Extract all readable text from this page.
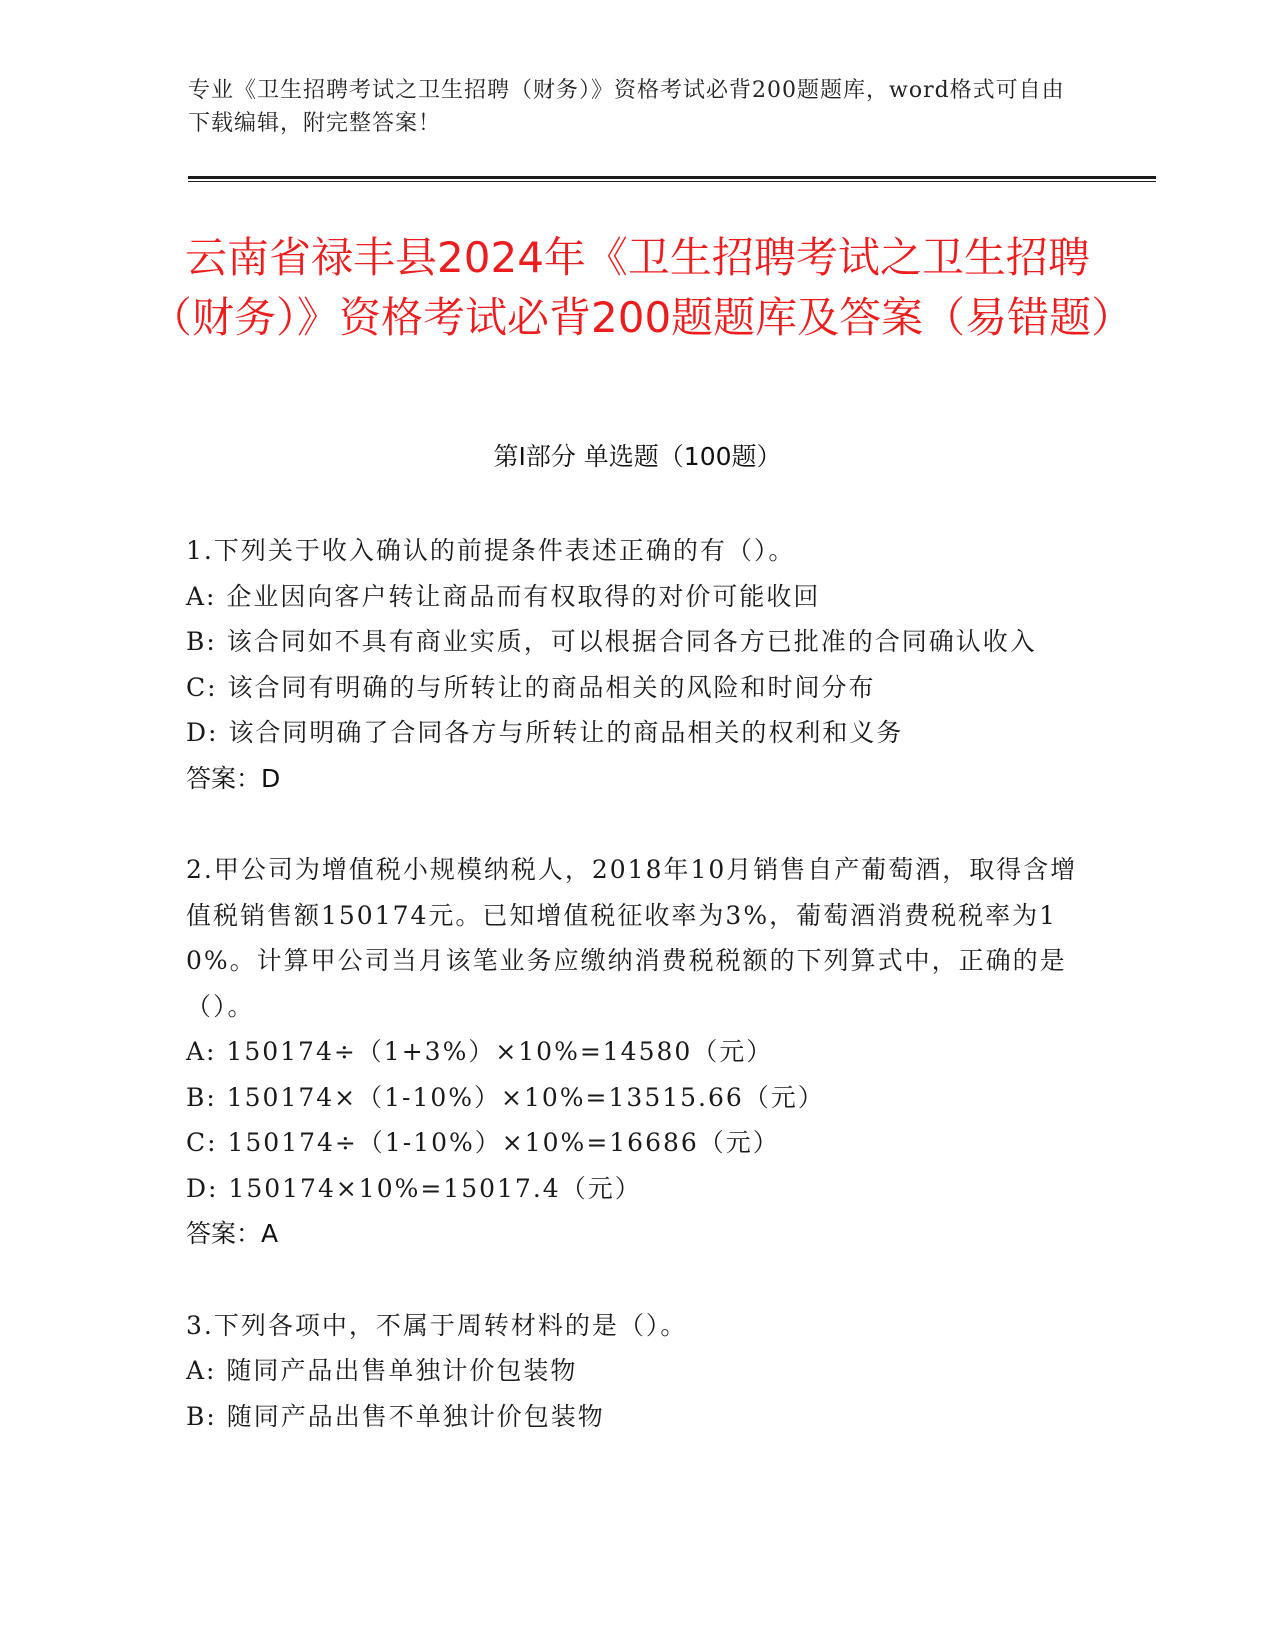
专业《卫生招聘考试之卫生招聘（财务）》资格考试必背200题题库，word格式可自由下载编辑，附完整答案！
云南省禄丰县2024年《卫生招聘考试之卫生招聘（财务）》资格考试必背200题题库及答案（易错题）
第Ⅰ部分 单选题（100题）
1.下列关于收入确认的前提条件表述正确的有（）。
A: 企业因向客户转让商品而有权取得的对价可能收回
B: 该合同如不具有商业实质，可以根据合同各方已批准的合同确认收入
C: 该合同有明确的与所转让的商品相关的风险和时间分布
D: 该合同明确了合同各方与所转让的商品相关的权利和义务
答案：D
2.甲公司为增值税小规模纳税人，2018年10月销售自产葡萄酒，取得含增值税销售额150174元。已知增值税征收率为3%，葡萄酒消费税税率为10%。计算甲公司当月该笔业务应缴纳消费税税额的下列算式中，正确的是（）。
A: 150174÷（1+3%）×10%=14580（元）
B: 150174×（1-10%）×10%=13515.66（元）
C: 150174÷（1-10%）×10%=16686（元）
D: 150174×10%=15017.4（元）
答案：A
3.下列各项中，不属于周转材料的是（）。
A: 随同产品出售单独计价包装物
B: 随同产品出售不单独计价包装物
